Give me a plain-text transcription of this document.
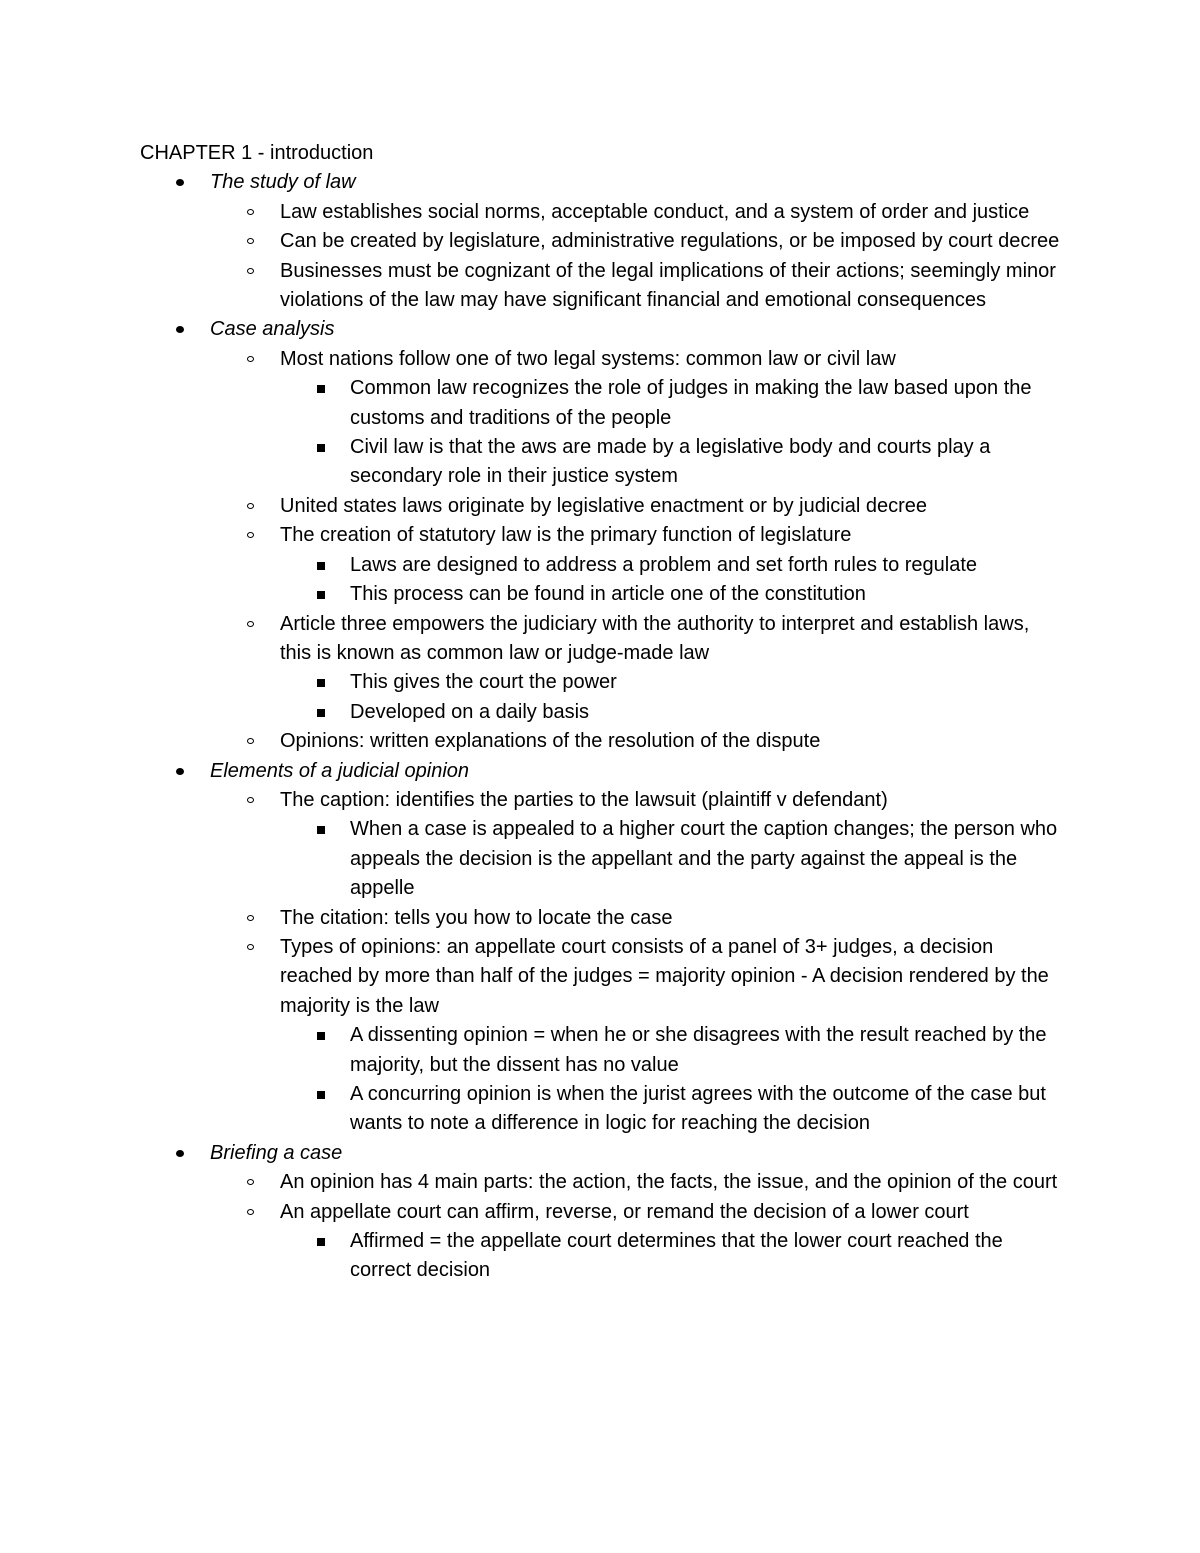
CHAPTER 1 - introduction

The study of law
Law establishes social norms, acceptable conduct, and a system of order and justice
Can be created by legislature, administrative regulations, or be imposed by court decree
Businesses must be cognizant of the legal implications of their actions; seemingly minor violations of the law may have significant financial and emotional consequences
Case analysis
Most nations follow one of two legal systems: common law or civil law
Common law recognizes the role of judges in making the law based upon the customs and traditions of the people
Civil law is that the aws are made by a legislative body and courts play a secondary role in their justice system
United states laws originate by legislative enactment or by judicial decree
The creation of statutory law is the primary function of legislature
Laws are designed to address a problem and set forth rules to regulate
This process can be found in article one of the constitution
Article three empowers the judiciary with the authority to interpret and establish laws, this is known as common law or judge-made law
This gives the court the power
Developed on a daily basis
Opinions: written explanations of the resolution of the dispute
Elements of a judicial opinion
The caption: identifies the parties to the lawsuit (plaintiff v defendant)
When a case is appealed to a higher court the caption changes; the person who appeals the decision is the appellant and the party against the appeal is the appelle
The citation: tells you how to locate the case
Types of opinions: an appellate court consists of a panel of 3+ judges, a decision reached by more than half of the judges = majority opinion - A decision rendered by the majority is the law
A dissenting opinion = when he or she disagrees with the result reached by the majority, but the dissent has no value
A concurring opinion is when the jurist agrees with the outcome of the case but wants to note a difference in logic for reaching the decision
Briefing a case
An opinion has 4 main parts: the action, the facts, the issue, and the opinion of the court
An appellate court can affirm, reverse, or remand the decision of a lower court
Affirmed = the appellate court determines that the lower court reached the correct decision
